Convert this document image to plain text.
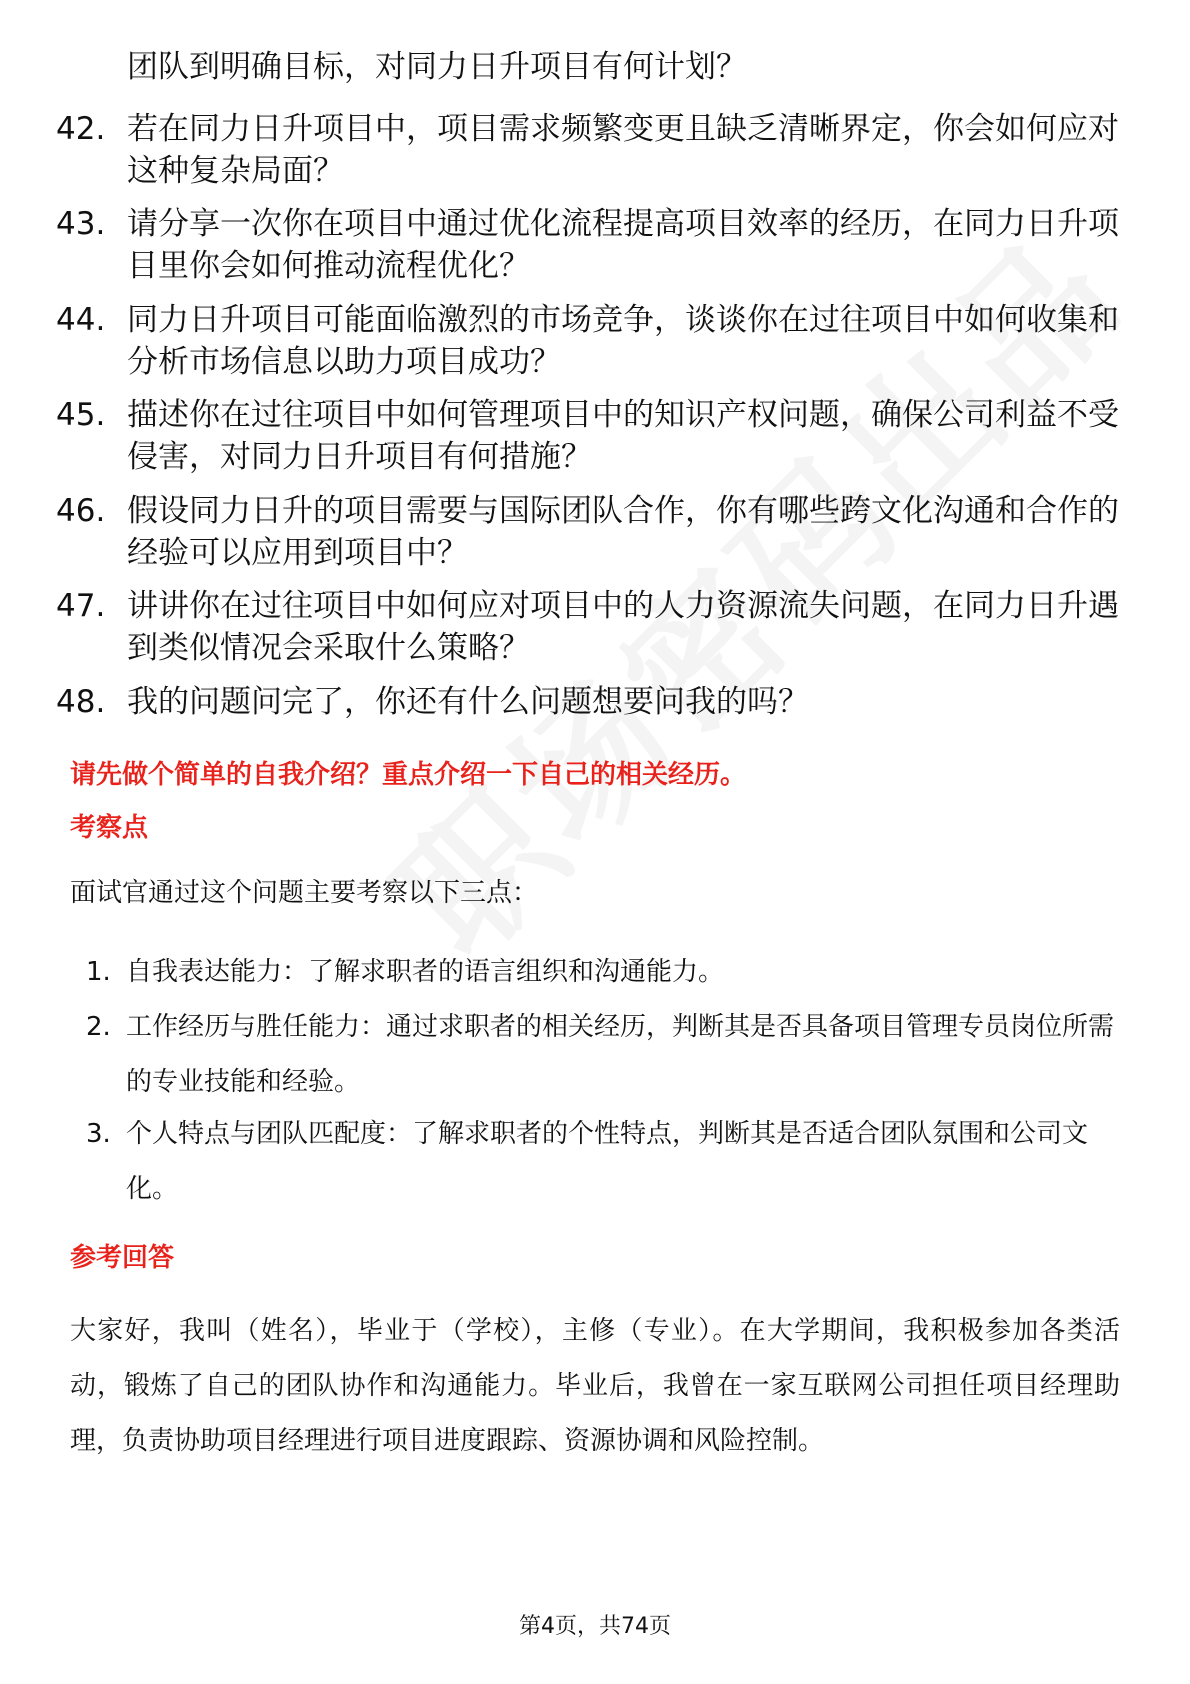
团队到明确目标，对同力日升项目有何计划？
42. 若在同力日升项目中，项目需求频繁变更且缺乏清晰界定，你会如何应对这种复杂局面？
43. 请分享一次你在项目中通过优化流程提高项目效率的经历，在同力日升项目里你会如何推动流程优化？
44. 同力日升项目可能面临激烈的市场竞争，谈谈你在过往项目中如何收集和分析市场信息以助力项目成功？
45. 描述你在过往项目中如何管理项目中的知识产权问题，确保公司利益不受侵害，对同力日升项目有何措施？
46. 假设同力日升的项目需要与国际团队合作，你有哪些跨文化沟通和合作的经验可以应用到项目中？
47. 讲讲你在过往项目中如何应对项目中的人力资源流失问题，在同力日升遇到类似情况会采取什么策略？
48. 我的问题问完了，你还有什么问题想要问我的吗？
请先做个简单的自我介绍？重点介绍一下自己的相关经历。
考察点
面试官通过这个问题主要考察以下三点：
1. 自我表达能力：了解求职者的语言组织和沟通能力。
2. 工作经历与胜任能力：通过求职者的相关经历，判断其是否具备项目管理专员岗位所需的专业技能和经验。
3. 个人特点与团队匹配度：了解求职者的个性特点，判断其是否适合团队氛围和公司文化。
参考回答
大家好，我叫（姓名），毕业于（学校），主修（专业）。在大学期间，我积极参加各类活动，锻炼了自己的团队协作和沟通能力。毕业后，我曾在一家互联网公司担任项目经理助理，负责协助项目经理进行项目进度跟踪、资源协调和风险控制。
第4页，共74页
